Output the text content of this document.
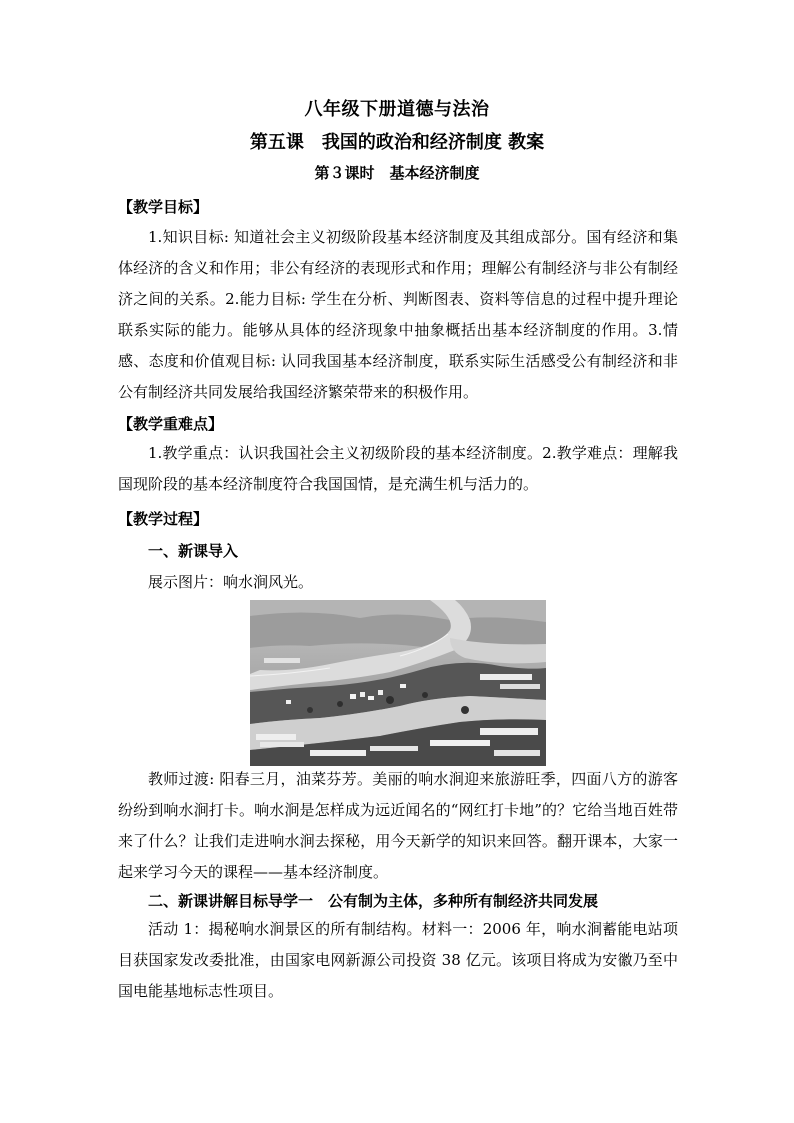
八年级下册道德与法治
第五课　我国的政治和经济制度 教案
第３课时　基本经济制度
【教学目标】
1.知识目标: 知道社会主义初级阶段基本经济制度及其组成部分。国有经济和集体经济的含义和作用；非公有经济的表现形式和作用；理解公有制经济与非公有制经济之间的关系。2.能力目标: 学生在分析、判断图表、资料等信息的过程中提升理论联系实际的能力。能够从具体的经济现象中抽象概括出基本经济制度的作用。3.情感、态度和价值观目标: 认同我国基本经济制度，联系实际生活感受公有制经济和非公有制经济共同发展给我国经济繁荣带来的积极作用。
【教学重难点】
1.教学重点：认识我国社会主义初级阶段的基本经济制度。2.教学难点：理解我国现阶段的基本经济制度符合我国国情，是充满生机与活力的。
【教学过程】
一、新课导入
展示图片：响水涧风光。
教师过渡: 阳春三月，油菜芬芳。美丽的响水涧迎来旅游旺季，四面八方的游客纷纷到响水涧打卡。响水涧是怎样成为远近闻名的“网红打卡地”的？它给当地百姓带来了什么？让我们走进响水涧去探秘，用今天新学的知识来回答。翻开课本，大家一起来学习今天的课程——基本经济制度。
二、新课讲解目标导学一　公有制为主体，多种所有制经济共同发展
活动 1：揭秘响水涧景区的所有制结构。材料一：2006 年，响水涧蓄能电站项目获国家发改委批准，由国家电网新源公司投资 38 亿元。该项目将成为安徽乃至中国电能基地标志性项目。
